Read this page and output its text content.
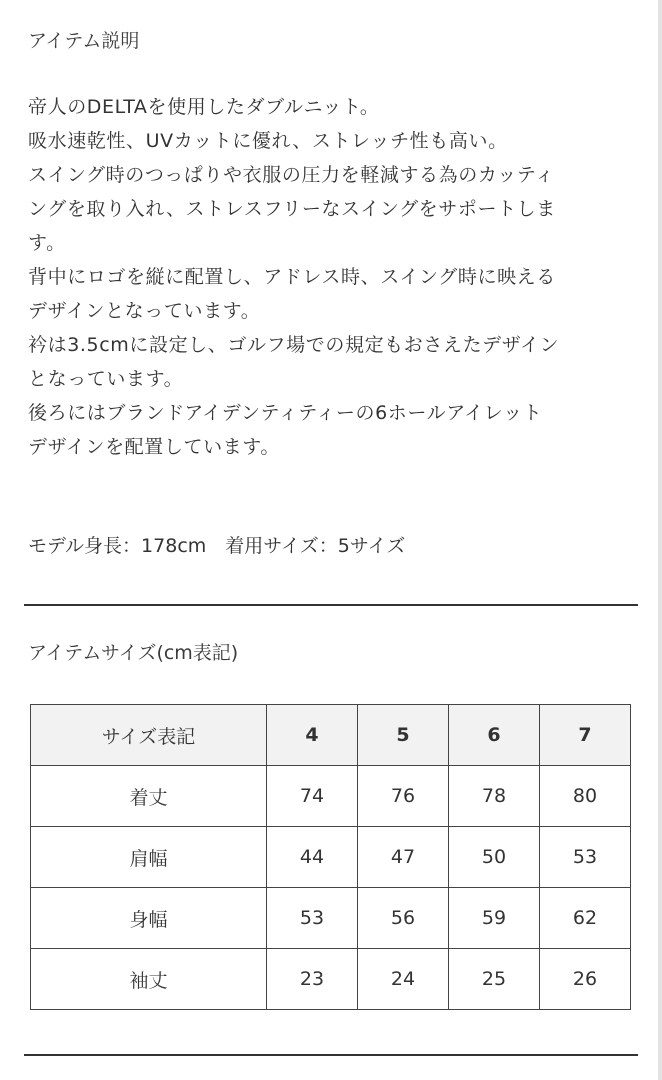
アイテム説明
帝人のDELTAを使用したダブルニット。
吸水速乾性、UVカットに優れ、ストレッチ性も高い。
スイング時のつっぱりや衣服の圧力を軽減する為のカッティ
ングを取り入れ、ストレスフリーなスイングをサポートしま
す。
背中にロゴを縦に配置し、アドレス時、スイング時に映える
デザインとなっています。
衿は3.5cmに設定し、ゴルフ場での規定もおさえたデザイン
となっています。
後ろにはブランドアイデンティティーの6ホールアイレット
デザインを配置しています。
モデル身長：178cm　着用サイズ：5サイズ
アイテムサイズ(cm表記)
サイズ表記	4	5	6	7
着丈	74	76	78	80
肩幅	44	47	50	53
身幅	53	56	59	62
袖丈	23	24	25	26
